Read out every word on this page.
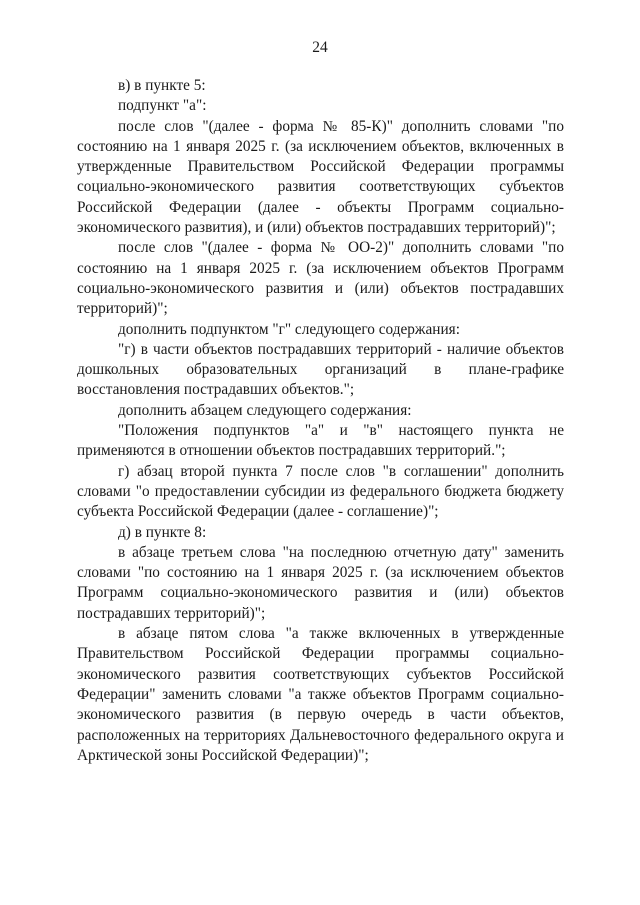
24

в) в пункте 5:

подпункт "а":

после слов "(далее - форма № 85-К)" дополнить словами "по состоянию на 1 января 2025 г. (за исключением объектов, включенных в утвержденные Правительством Российской Федерации программы социально-экономического развития соответствующих субъектов Российской Федерации (далее - объекты Программ социально-экономического развития), и (или) объектов пострадавших территорий)";

после слов "(далее - форма № ОО-2)" дополнить словами "по состоянию на 1 января 2025 г. (за исключением объектов Программ социально-экономического развития и (или) объектов пострадавших территорий)";

дополнить подпунктом "г" следующего содержания:

"г) в части объектов пострадавших территорий - наличие объектов дошкольных образовательных организаций в плане-графике восстановления пострадавших объектов.";

дополнить абзацем следующего содержания:

"Положения подпунктов "а" и "в" настоящего пункта не применяются в отношении объектов пострадавших территорий.";

г) абзац второй пункта 7 после слов "в соглашении" дополнить словами "о предоставлении субсидии из федерального бюджета бюджету субъекта Российской Федерации (далее - соглашение)";

д) в пункте 8:

в абзаце третьем слова "на последнюю отчетную дату" заменить словами "по состоянию на 1 января 2025 г. (за исключением объектов Программ социально-экономического развития и (или) объектов пострадавших территорий)";

в абзаце пятом слова "а также включенных в утвержденные Правительством Российской Федерации программы социально-экономического развития соответствующих субъектов Российской Федерации" заменить словами "а также объектов Программ социально-экономического развития (в первую очередь в части объектов, расположенных на территориях Дальневосточного федерального округа и Арктической зоны Российской Федерации)";
